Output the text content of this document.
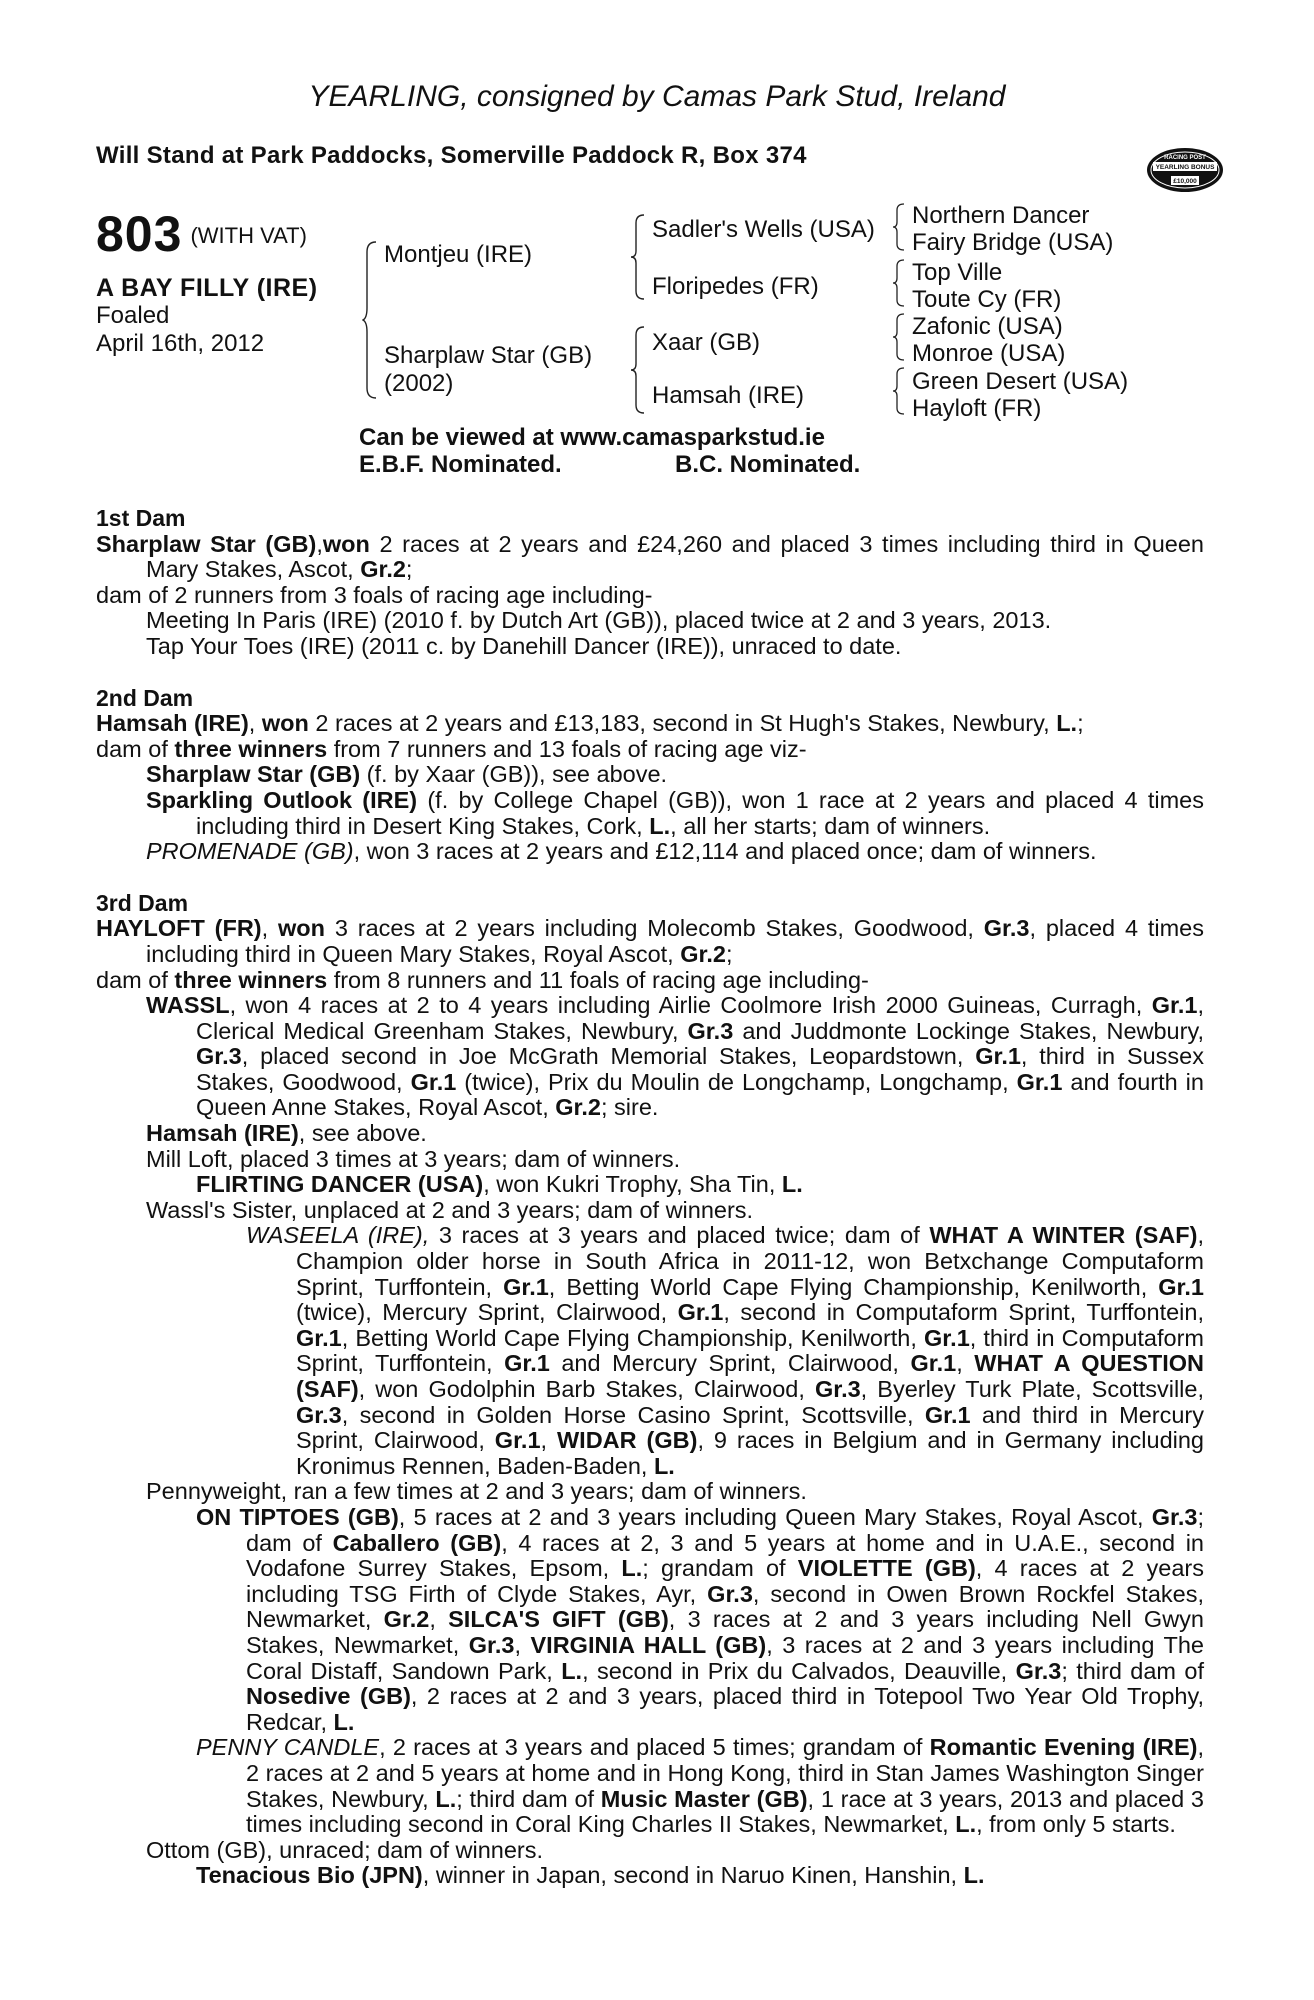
YEARLING, consigned by Camas Park Stud, Ireland
Will Stand at Park Paddocks, Somerville Paddock R, Box 374	RACING POST
YEARLING BONUS
£10,000
803 (WITH VAT)
A BAY FILLY (IRE)
Foaled
April 16th, 2012
Montjeu (IRE)
Sharplaw Star (GB)
(2002)
Sadler's Wells (USA)
Floripedes (FR)
Xaar (GB)
Hamsah (IRE)
Northern Dancer
Fairy Bridge (USA)
Top Ville
Toute Cy (FR)
Zafonic (USA)
Monroe (USA)
Green Desert (USA)
Hayloft (FR)
Can be viewed at www.camasparkstud.ie
E.B.F. Nominated.	B.C. Nominated.

1st Dam

Sharplaw Star (GB),won 2 races at 2 years and £24,260 and placed 3 times including third in Queen Mary Stakes, Ascot, Gr.2;

dam of 2 runners from 3 foals of racing age including-

Meeting In Paris (IRE) (2010 f. by Dutch Art (GB)), placed twice at 2 and 3 years, 2013.

Tap Your Toes (IRE) (2011 c. by Danehill Dancer (IRE)), unraced to date.

2nd Dam

Hamsah (IRE), won 2 races at 2 years and £13,183, second in St Hugh's Stakes, Newbury, L.;

dam of three winners from 7 runners and 13 foals of racing age viz-

Sharplaw Star (GB) (f. by Xaar (GB)), see above.

Sparkling Outlook (IRE) (f. by College Chapel (GB)), won 1 race at 2 years and placed 4 times including third in Desert King Stakes, Cork, L., all her starts; dam of winners.

PROMENADE (GB), won 3 races at 2 years and £12,114 and placed once; dam of winners.

3rd Dam

HAYLOFT (FR), won 3 races at 2 years including Molecomb Stakes, Goodwood, Gr.3, placed 4 times including third in Queen Mary Stakes, Royal Ascot, Gr.2;

dam of three winners from 8 runners and 11 foals of racing age including-

WASSL, won 4 races at 2 to 4 years including Airlie Coolmore Irish 2000 Guineas, Curragh, Gr.1, Clerical Medical Greenham Stakes, Newbury, Gr.3 and Juddmonte Lockinge Stakes, Newbury, Gr.3, placed second in Joe McGrath Memorial Stakes, Leopardstown, Gr.1, third in Sussex Stakes, Goodwood, Gr.1 (twice), Prix du Moulin de Longchamp, Longchamp, Gr.1 and fourth in Queen Anne Stakes, Royal Ascot, Gr.2; sire.

Hamsah (IRE), see above.

Mill Loft, placed 3 times at 3 years; dam of winners.

FLIRTING DANCER (USA), won Kukri Trophy, Sha Tin, L.

Wassl's Sister, unplaced at 2 and 3 years; dam of winners.

WASEELA (IRE), 3 races at 3 years and placed twice; dam of WHAT A WINTER (SAF), Champion older horse in South Africa in 2011-12, won Betxchange Computaform Sprint, Turffontein, Gr.1, Betting World Cape Flying Championship, Kenilworth, Gr.1 (twice), Mercury Sprint, Clairwood, Gr.1, second in Computaform Sprint, Turffontein, Gr.1, Betting World Cape Flying Championship, Kenilworth, Gr.1, third in Computaform Sprint, Turffontein, Gr.1 and Mercury Sprint, Clairwood, Gr.1, WHAT A QUESTION (SAF), won Godolphin Barb Stakes, Clairwood, Gr.3, Byerley Turk Plate, Scottsville, Gr.3, second in Golden Horse Casino Sprint, Scottsville, Gr.1 and third in Mercury Sprint, Clairwood, Gr.1, WIDAR (GB), 9 races in Belgium and in Germany including Kronimus Rennen, Baden-Baden, L.

Pennyweight, ran a few times at 2 and 3 years; dam of winners.

ON TIPTOES (GB), 5 races at 2 and 3 years including Queen Mary Stakes, Royal Ascot, Gr.3; dam of Caballero (GB), 4 races at 2, 3 and 5 years at home and in U.A.E., second in Vodafone Surrey Stakes, Epsom, L.; grandam of VIOLETTE (GB), 4 races at 2 years including TSG Firth of Clyde Stakes, Ayr, Gr.3, second in Owen Brown Rockfel Stakes, Newmarket, Gr.2, SILCA'S GIFT (GB), 3 races at 2 and 3 years including Nell Gwyn Stakes, Newmarket, Gr.3, VIRGINIA HALL (GB), 3 races at 2 and 3 years including The Coral Distaff, Sandown Park, L., second in Prix du Calvados, Deauville, Gr.3; third dam of Nosedive (GB), 2 races at 2 and 3 years, placed third in Totepool Two Year Old Trophy, Redcar, L.

PENNY CANDLE, 2 races at 3 years and placed 5 times; grandam of Romantic Evening (IRE), 2 races at 2 and 5 years at home and in Hong Kong, third in Stan James Washington Singer Stakes, Newbury, L.; third dam of Music Master (GB), 1 race at 3 years, 2013 and placed 3 times including second in Coral King Charles II Stakes, Newmarket, L., from only 5 starts.

Ottom (GB), unraced; dam of winners.

Tenacious Bio (JPN), winner in Japan, second in Naruo Kinen, Hanshin, L.
